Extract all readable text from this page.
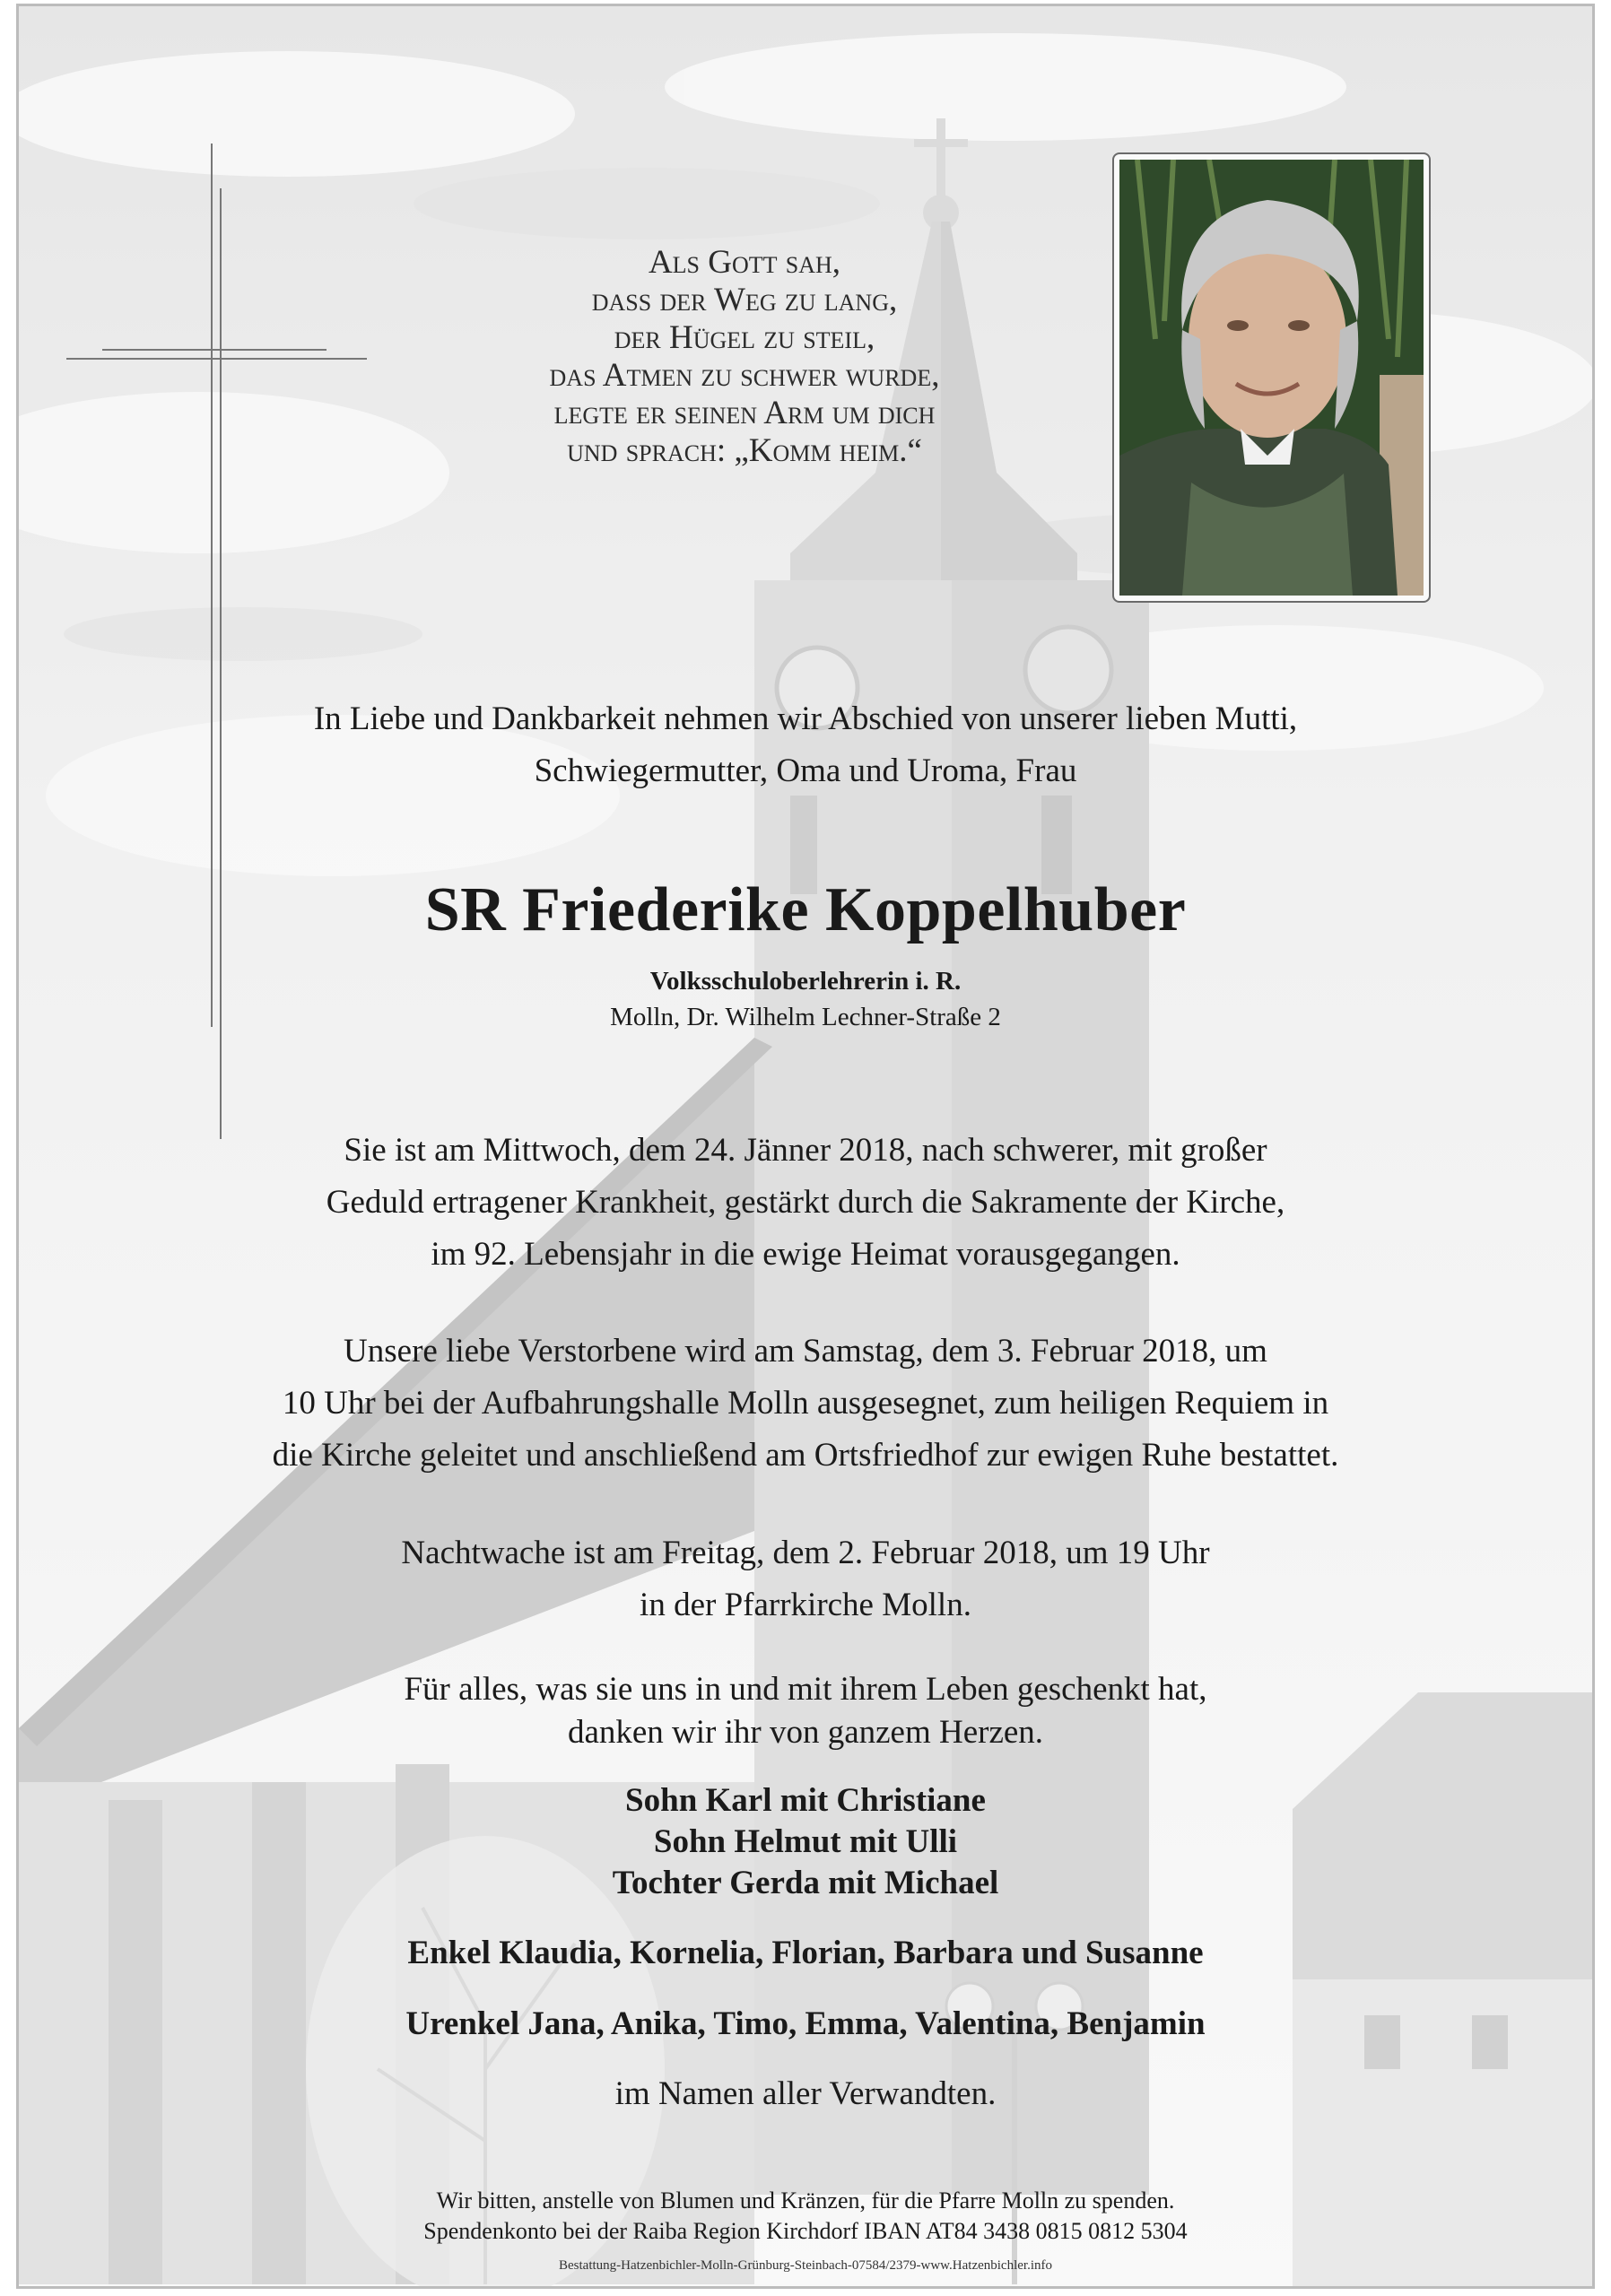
Als Gott sah,
dass der Weg zu lang,
der Hügel zu steil,
das Atmen zu schwer wurde,
legte er seinen Arm um dich
und sprach: „Komm heim.“
In Liebe und Dankbarkeit nehmen wir Abschied von unserer lieben Mutti,
Schwiegermutter, Oma und Uroma, Frau
SR Friederike Koppelhuber
Volksschuloberlehrerin i. R.
Molln, Dr. Wilhelm Lechner-Straße 2
Sie ist am Mittwoch, dem 24. Jänner 2018, nach schwerer, mit großer
Geduld ertragener Krankheit, gestärkt durch die Sakramente der Kirche,
im 92. Lebensjahr in die ewige Heimat vorausgegangen.
Unsere liebe Verstorbene wird am Samstag, dem 3. Februar 2018, um
10 Uhr bei der Aufbahrungshalle Molln ausgesegnet, zum heiligen Requiem in
die Kirche geleitet und anschließend am Ortsfriedhof zur ewigen Ruhe bestattet.
Nachtwache ist am Freitag, dem 2. Februar 2018, um 19 Uhr
in der Pfarrkirche Molln.
Für alles, was sie uns in und mit ihrem Leben geschenkt hat,
danken wir ihr von ganzem Herzen.
Sohn Karl mit Christiane
Sohn Helmut mit Ulli
Tochter Gerda mit Michael
Enkel Klaudia, Kornelia, Florian, Barbara und Susanne
Urenkel Jana, Anika, Timo, Emma, Valentina, Benjamin
im Namen aller Verwandten.
Wir bitten, anstelle von Blumen und Kränzen, für die Pfarre Molln zu spenden.
Spendenkonto bei der Raiba Region Kirchdorf IBAN AT84 3438 0815 0812 5304
Bestattung-Hatzenbichler-Molln-Grünburg-Steinbach-07584/2379-www.Hatzenbichler.info
